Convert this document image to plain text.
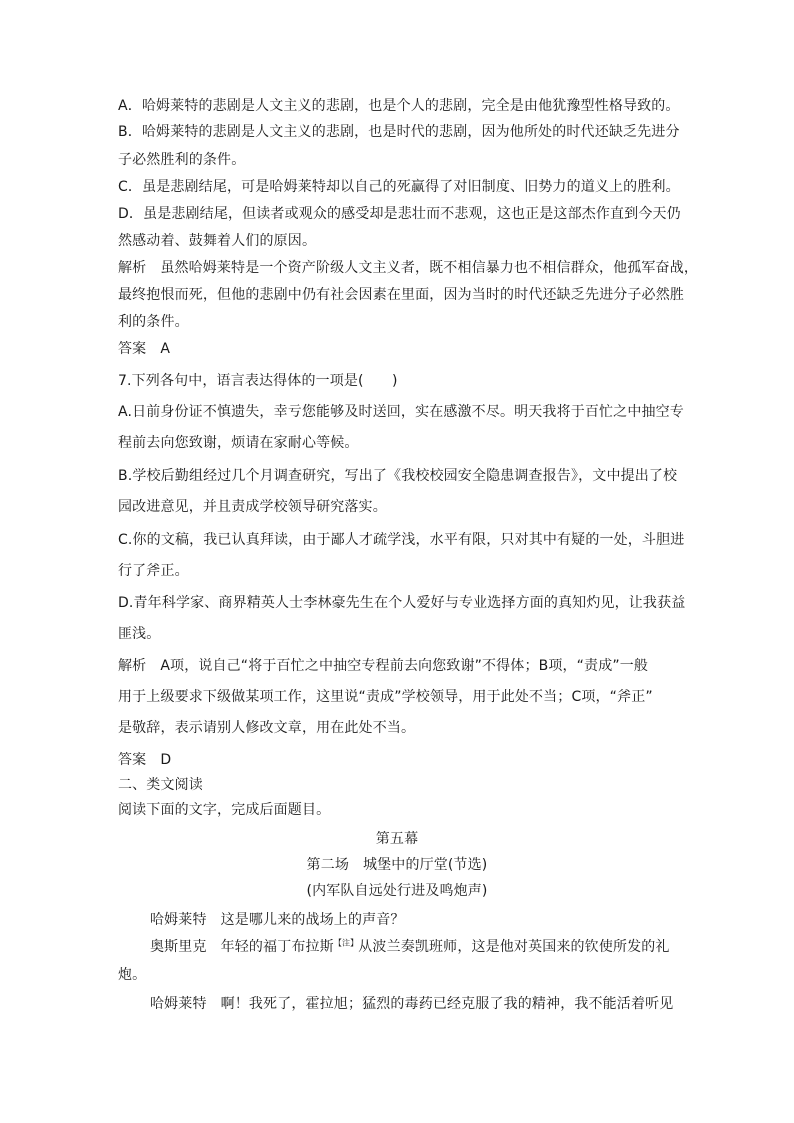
A．哈姆莱特的悲剧是人文主义的悲剧，也是个人的悲剧，完全是由他犹豫型性格导致的。
B．哈姆莱特的悲剧是人文主义的悲剧，也是时代的悲剧，因为他所处的时代还缺乏先进分
子必然胜利的条件。
C．虽是悲剧结尾，可是哈姆莱特却以自己的死赢得了对旧制度、旧势力的道义上的胜利。
D．虽是悲剧结尾，但读者或观众的感受却是悲壮而不悲观，这也正是这部杰作直到今天仍
然感动着、鼓舞着人们的原因。
解析 虽然哈姆莱特是一个资产阶级人文主义者，既不相信暴力也不相信群众，他孤军奋战，
最终抱恨而死，但他的悲剧中仍有社会因素在里面，因为当时的时代还缺乏先进分子必然胜
利的条件。
答案 A
7.下列各句中，语言表达得体的一项是(　　)
A.日前身份证不慎遗失，幸亏您能够及时送回，实在感激不尽。明天我将于百忙之中抽空专
程前去向您致谢，烦请在家耐心等候。
B.学校后勤组经过几个月调查研究，写出了《我校校园安全隐患调查报告》，文中提出了校
园改进意见，并且责成学校领导研究落实。
C.你的文稿，我已认真拜读，由于鄙人才疏学浅，水平有限，只对其中有疑的一处，斗胆进
行了斧正。
D.青年科学家、商界精英人士李林豪先生在个人爱好与专业选择方面的真知灼见，让我获益
匪浅。
解析 A项，说自己“将于百忙之中抽空专程前去向您致谢”不得体；B项，“责成”一般
用于上级要求下级做某项工作，这里说“责成”学校领导，用于此处不当；C项，“斧正”
是敬辞，表示请别人修改文章，用在此处不当。
答案 D
二、类文阅读
阅读下面的文字，完成后面题目。
第五幕
第二场 城堡中的厅堂(节选)
(内军队自远处行进及鸣炮声)
哈姆莱特 这是哪儿来的战场上的声音？
奥斯里克 年轻的福丁布拉斯$^{【注】}$从波兰奏凯班师，这是他对英国来的钦使所发的礼
炮。
哈姆莱特 啊！我死了，霍拉旭；猛烈的毒药已经克服了我的精神，我不能活着听见
